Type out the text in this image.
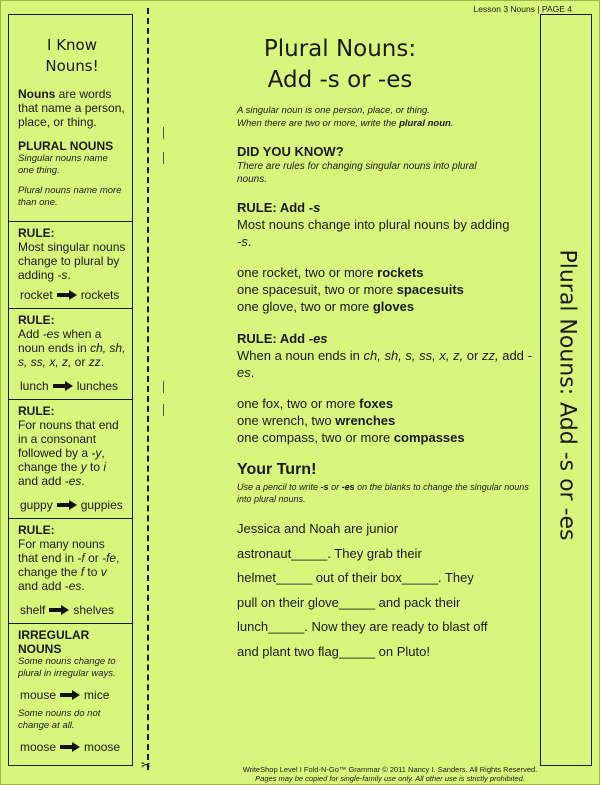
I Know
Nouns!
Nouns are words that name a person, place, or thing.
PLURAL NOUNS
Singular nouns name one thing.
Plural nouns name more than one.
RULE:
Most singular nouns change to plural by adding -s.
rocket rockets
RULE:
Add -es when a noun ends in ch, sh, s, ss, x, z, or zz.
lunch lunches
RULE:
For nouns that end in a consonant followed by a -y, change the y to i and add -es.
guppy guppies
RULE:
For many nouns that end in -f or -fe, change the f to v and add -es.
shelf shelves
IRREGULAR NOUNS
Some nouns change to plural in irregular ways.
mouse mice
Some nouns do not change at all.
moose moose
✂
Lesson 3 Nouns | PAGE 4
Plural Nouns:
Add -s or -es
A singular noun is one person, place, or thing.
When there are two or more, write the plural noun.
DID YOU KNOW?
There are rules for changing singular nouns into plural nouns.
RULE: Add -s
Most nouns change into plural nouns by adding -s.
one rocket, two or more rockets
one spacesuit, two or more spacesuits
one glove, two or more gloves
RULE: Add -es
When a noun ends in ch, sh, s, ss, x, z, or zz, add -es.
one fox, two or more foxes
one wrench, two wrenches
one compass, two or more compasses
Your Turn!
Use a pencil to write -s or -es on the blanks to change the singular nouns into plural nouns.
Jessica and Noah are junior
astronaut_____. They grab their
helmet_____ out of their box_____. They
pull on their glove_____ and pack their
lunch_____. Now they are ready to blast off
and plant two flag_____ on Pluto!
WriteShop Level I Fold-N-Go™ Grammar © 2011 Nancy I. Sanders. All Rights Reserved.
Pages may be copied for single-family use only. All other use is strictly prohibited.
Plural Nouns: Add -s or -es
